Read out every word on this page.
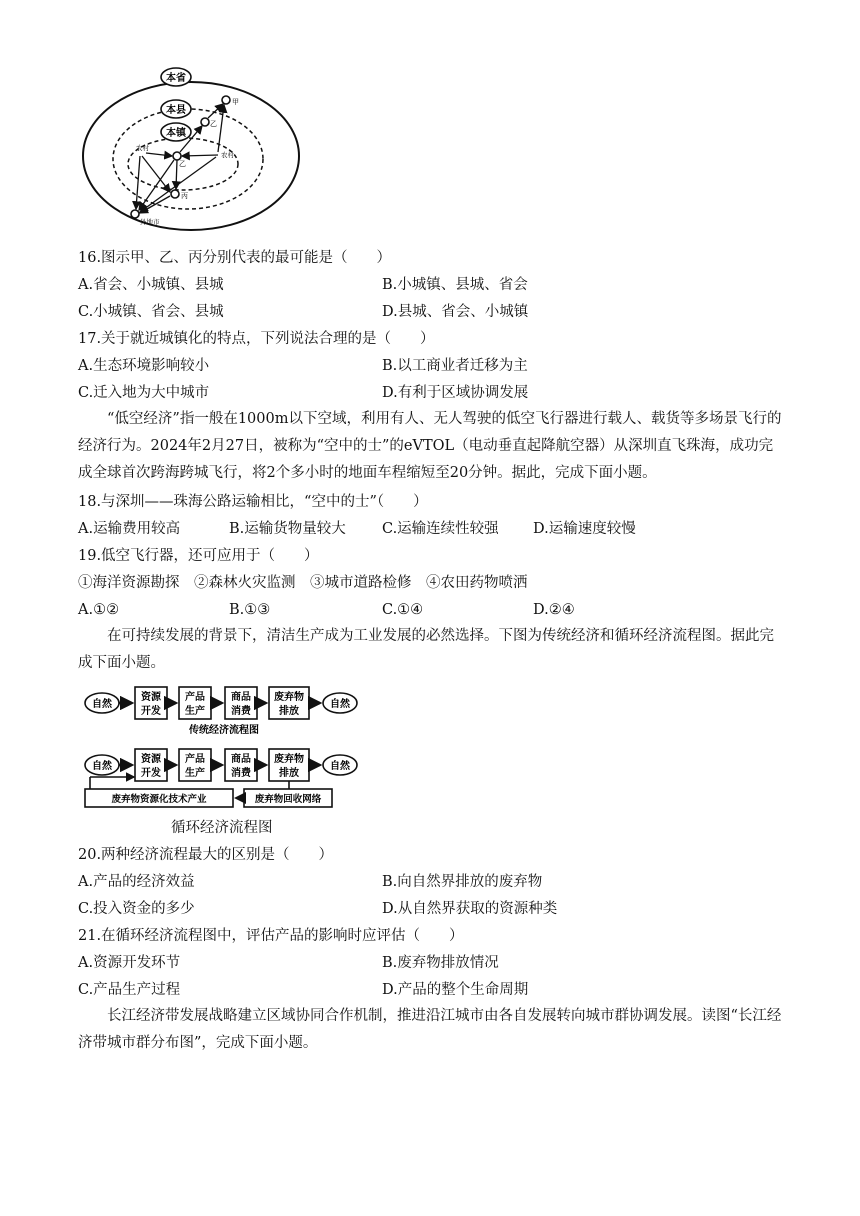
本省
本县
本镇
甲
乙
乙
丙
外地市
农村
农村
16.图示甲、乙、丙分别代表的最可能是（　　）
A.省会、小城镇、县城	B.小城镇、县城、省会
C.小城镇、省会、县城	D.县城、省会、小城镇
17.关于就近城镇化的特点，下列说法合理的是（　　）
A.生态环境影响较小	B.以工商业者迁移为主
C.迁入地为大中城市	D.有利于区域协调发展
“低空经济”指一般在1000m以下空域，利用有人、无人驾驶的低空飞行器进行载人、载货等多场景飞行的经济行为。2024年2月27日，被称为“空中的士”的eVTOL（电动垂直起降航空器）从深圳直飞珠海，成功完成全球首次跨海跨城飞行，将2个多小时的地面车程缩短至20分钟。据此，完成下面小题。
18.与深圳——珠海公路运输相比，“空中的士”（　　）
A.运输费用较高	B.运输货物量较大 C.运输连续性较强 D.运输速度较慢
19.低空飞行器，还可应用于（　　）
①海洋资源勘探　②森林火灾监测　③城市道路检修　④农田药物喷洒
A.①②	B.①③	C.①④	D.②④
在可持续发展的背景下，清洁生产成为工业发展的必然选择。下图为传统经济和循环经济流程图。据此完成下面小题。
自然
资源
开发
产品
生产
商品
消费
废弃物
排放
自然
传统经济流程图
自然
资源
开发
产品
生产
商品
消费
废弃物
排放
自然
废弃物资源化技术产业	废弃物回收网络
循环经济流程图
20.两种经济流程最大的区别是（　　）
A.产品的经济效益	B.向自然界排放的废弃物
C.投入资金的多少	D.从自然界获取的资源种类
21.在循环经济流程图中，评估产品的影响时应评估（　　）
A.资源开发环节	B.废弃物排放情况
C.产品生产过程	D.产品的整个生命周期
长江经济带发展战略建立区域协同合作机制，推进沿江城市由各自发展转向城市群协调发展。读图“长江经济带城市群分布图”，完成下面小题。
